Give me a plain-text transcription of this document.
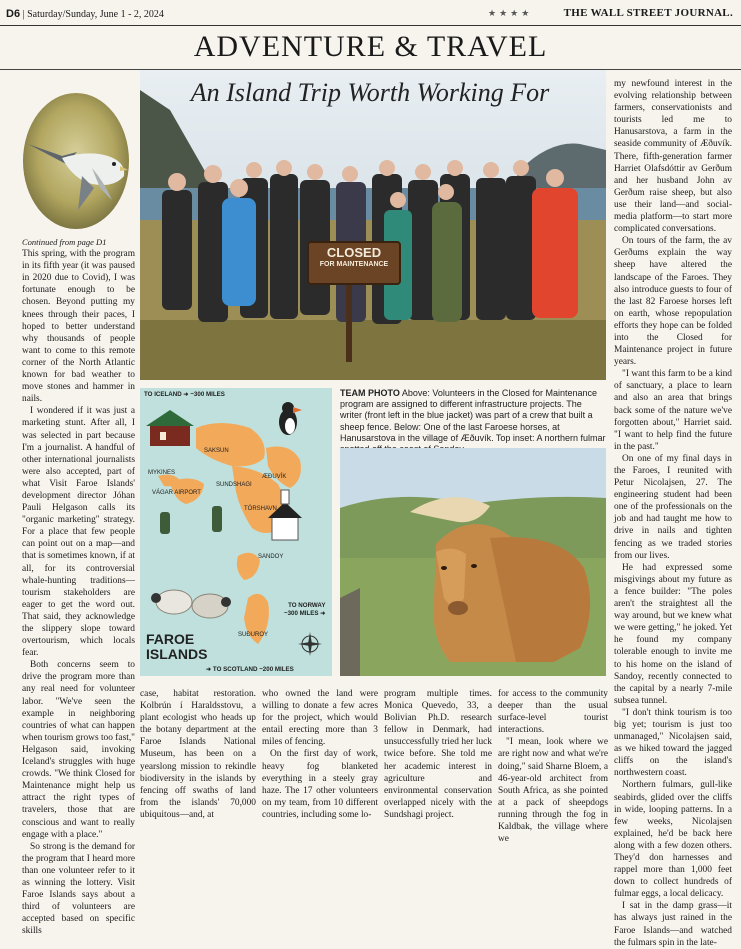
D6 | Saturday/Sunday, June 1 - 2, 2024	★★★★	THE WALL STREET JOURNAL.
ADVENTURE & TRAVEL

Continued from page D1

This spring, with the program in its fifth year (it was paused in 2020 due to Covid), I was fortunate enough to be chosen. Beyond putting my knees through their paces, I hoped to better understand why thousands of people want to come to this remote corner of the North Atlantic known for bad weather to move stones and hammer in nails.

I wondered if it was just a marketing stunt. After all, I was selected in part because I'm a journalist. A handful of other international journalists were also accepted, part of what Visit Faroe Islands' development director Jóhan Pauli Helgason calls its "organic marketing" strategy. For a place that few people can point out on a map—and that is sometimes known, if at all, for its controversial whale-hunting traditions—tourism stakeholders are eager to get the word out. That said, they acknowledge the slippery slope toward overtourism, which locals fear.

Both concerns seem to drive the program more than any real need for volunteer labor. "We've seen the example in neighboring countries of what can happen when tourism grows too fast," Helgason said, invoking Iceland's struggles with huge crowds. "We think Closed for Maintenance might help us attract the right types of travelers, those that are conscious and want to really engage with a place."

So strong is the demand for the program that I heard more than one volunteer refer to it as winning the lottery. Visit Faroe Islands says about a third of volunteers are accepted based on specific skills

CLOSED
FOR MAINTENANCE
An Island Trip Worth Working For
TEAM PHOTO Above: Volunteers in the Closed for Maintenance program are assigned to different infrastructure projects. The writer (front left in the blue jacket) was part of a crew that built a sheep fence. Below: One of the last Faroese horses, at Hanusarstova in the village of Æðuvík. Top inset: A northern fulmar
TO ICELAND ➜ ~300 MILES
SAKSUN
ÆÐUVÍK
MYKINES
VÁGAR AIRPORT
SUNDSHAGI
TÓRSHAVN
SANDOY
SUÐUROY
TO NORWAY
~300 MILES ➜
FAROE
ISLANDS
➜ TO SCOTLAND ~200 MILES

case, habitat restoration. Kolbrún í Haraldsstovu, a plant ecologist who heads up the botany department at the Faroe Islands National Museum, has been on a yearslong mission to rekindle biodiversity in the islands by fencing off swaths of land from the islands' 70,000 ubiquitous—and, at

who owned the land were willing to donate a few acres for the project, which would entail erecting more than 3 miles of fencing.

On the first day of work, heavy fog blanketed everything in a steely gray haze. The 17 other volunteers on my team, from 10 different countries, including some lo-

program multiple times. Monica Quevedo, 33, a Bolivian Ph.D. research fellow in Denmark, had unsuccessfully tried her luck twice before. She told me her academic interest in agriculture and environmental conservation overlapped nicely with the Sundshagi project.

for access to the community deeper than the usual surface-level tourist interactions.

"I mean, look where we are right now and what we're doing," said Sharne Bloem, a 46-year-old architect from South Africa, as she pointed at a pack of sheepdogs running through the fog in Kaldbak, the village where we

my newfound interest in the evolving relationship between farmers, conservationists and tourists led me to Hanusarstova, a farm in the seaside community of Æðuvík. There, fifth-generation farmer Harriet Olafsdóttir av Gerðum and her husband John av Gerðum raise sheep, but also use their land—and social-media platform—to start more complicated conversations.

On tours of the farm, the av Gerðums explain the way sheep have altered the landscape of the Faroes. They also introduce guests to four of the last 82 Faroese horses left on earth, whose repopulation efforts they hope can be folded into the Closed for Maintenance project in future years.

"I want this farm to be a kind of sanctuary, a place to learn and also an area that brings back some of the nature we've forgotten about," Harriet said. "I want to help find the future in the past."

On one of my final days in the Faroes, I reunited with Petur Nicolajsen, 27. The engineering student had been one of the professionals on the job and had taught me how to drive in nails and tighten fencing as we traded stories from our lives.

He had expressed some misgivings about my future as a fence builder: "The poles aren't the straightest all the way around, but we knew what we were getting," he joked. Yet he found my company tolerable enough to invite me to his home on the island of Sandoy, recently connected to the capital by a nearly 7-mile subsea tunnel.

"I don't think tourism is too big yet; tourism is just too unmanaged," Nicolajsen said, as we hiked toward the jagged cliffs on the island's northwestern coast.

Northern fulmars, gull-like seabirds, glided over the cliffs in wide, looping patterns. In a few weeks, Nicolajsen explained, he'd be back here along with a few dozen others. They'd don harnesses and rappel more than 1,000 feet down to collect hundreds of fulmar eggs, a local delicacy.

I sat in the damp grass—it has always just rained in the Faroe Islands—and watched the fulmars spin in the late-
